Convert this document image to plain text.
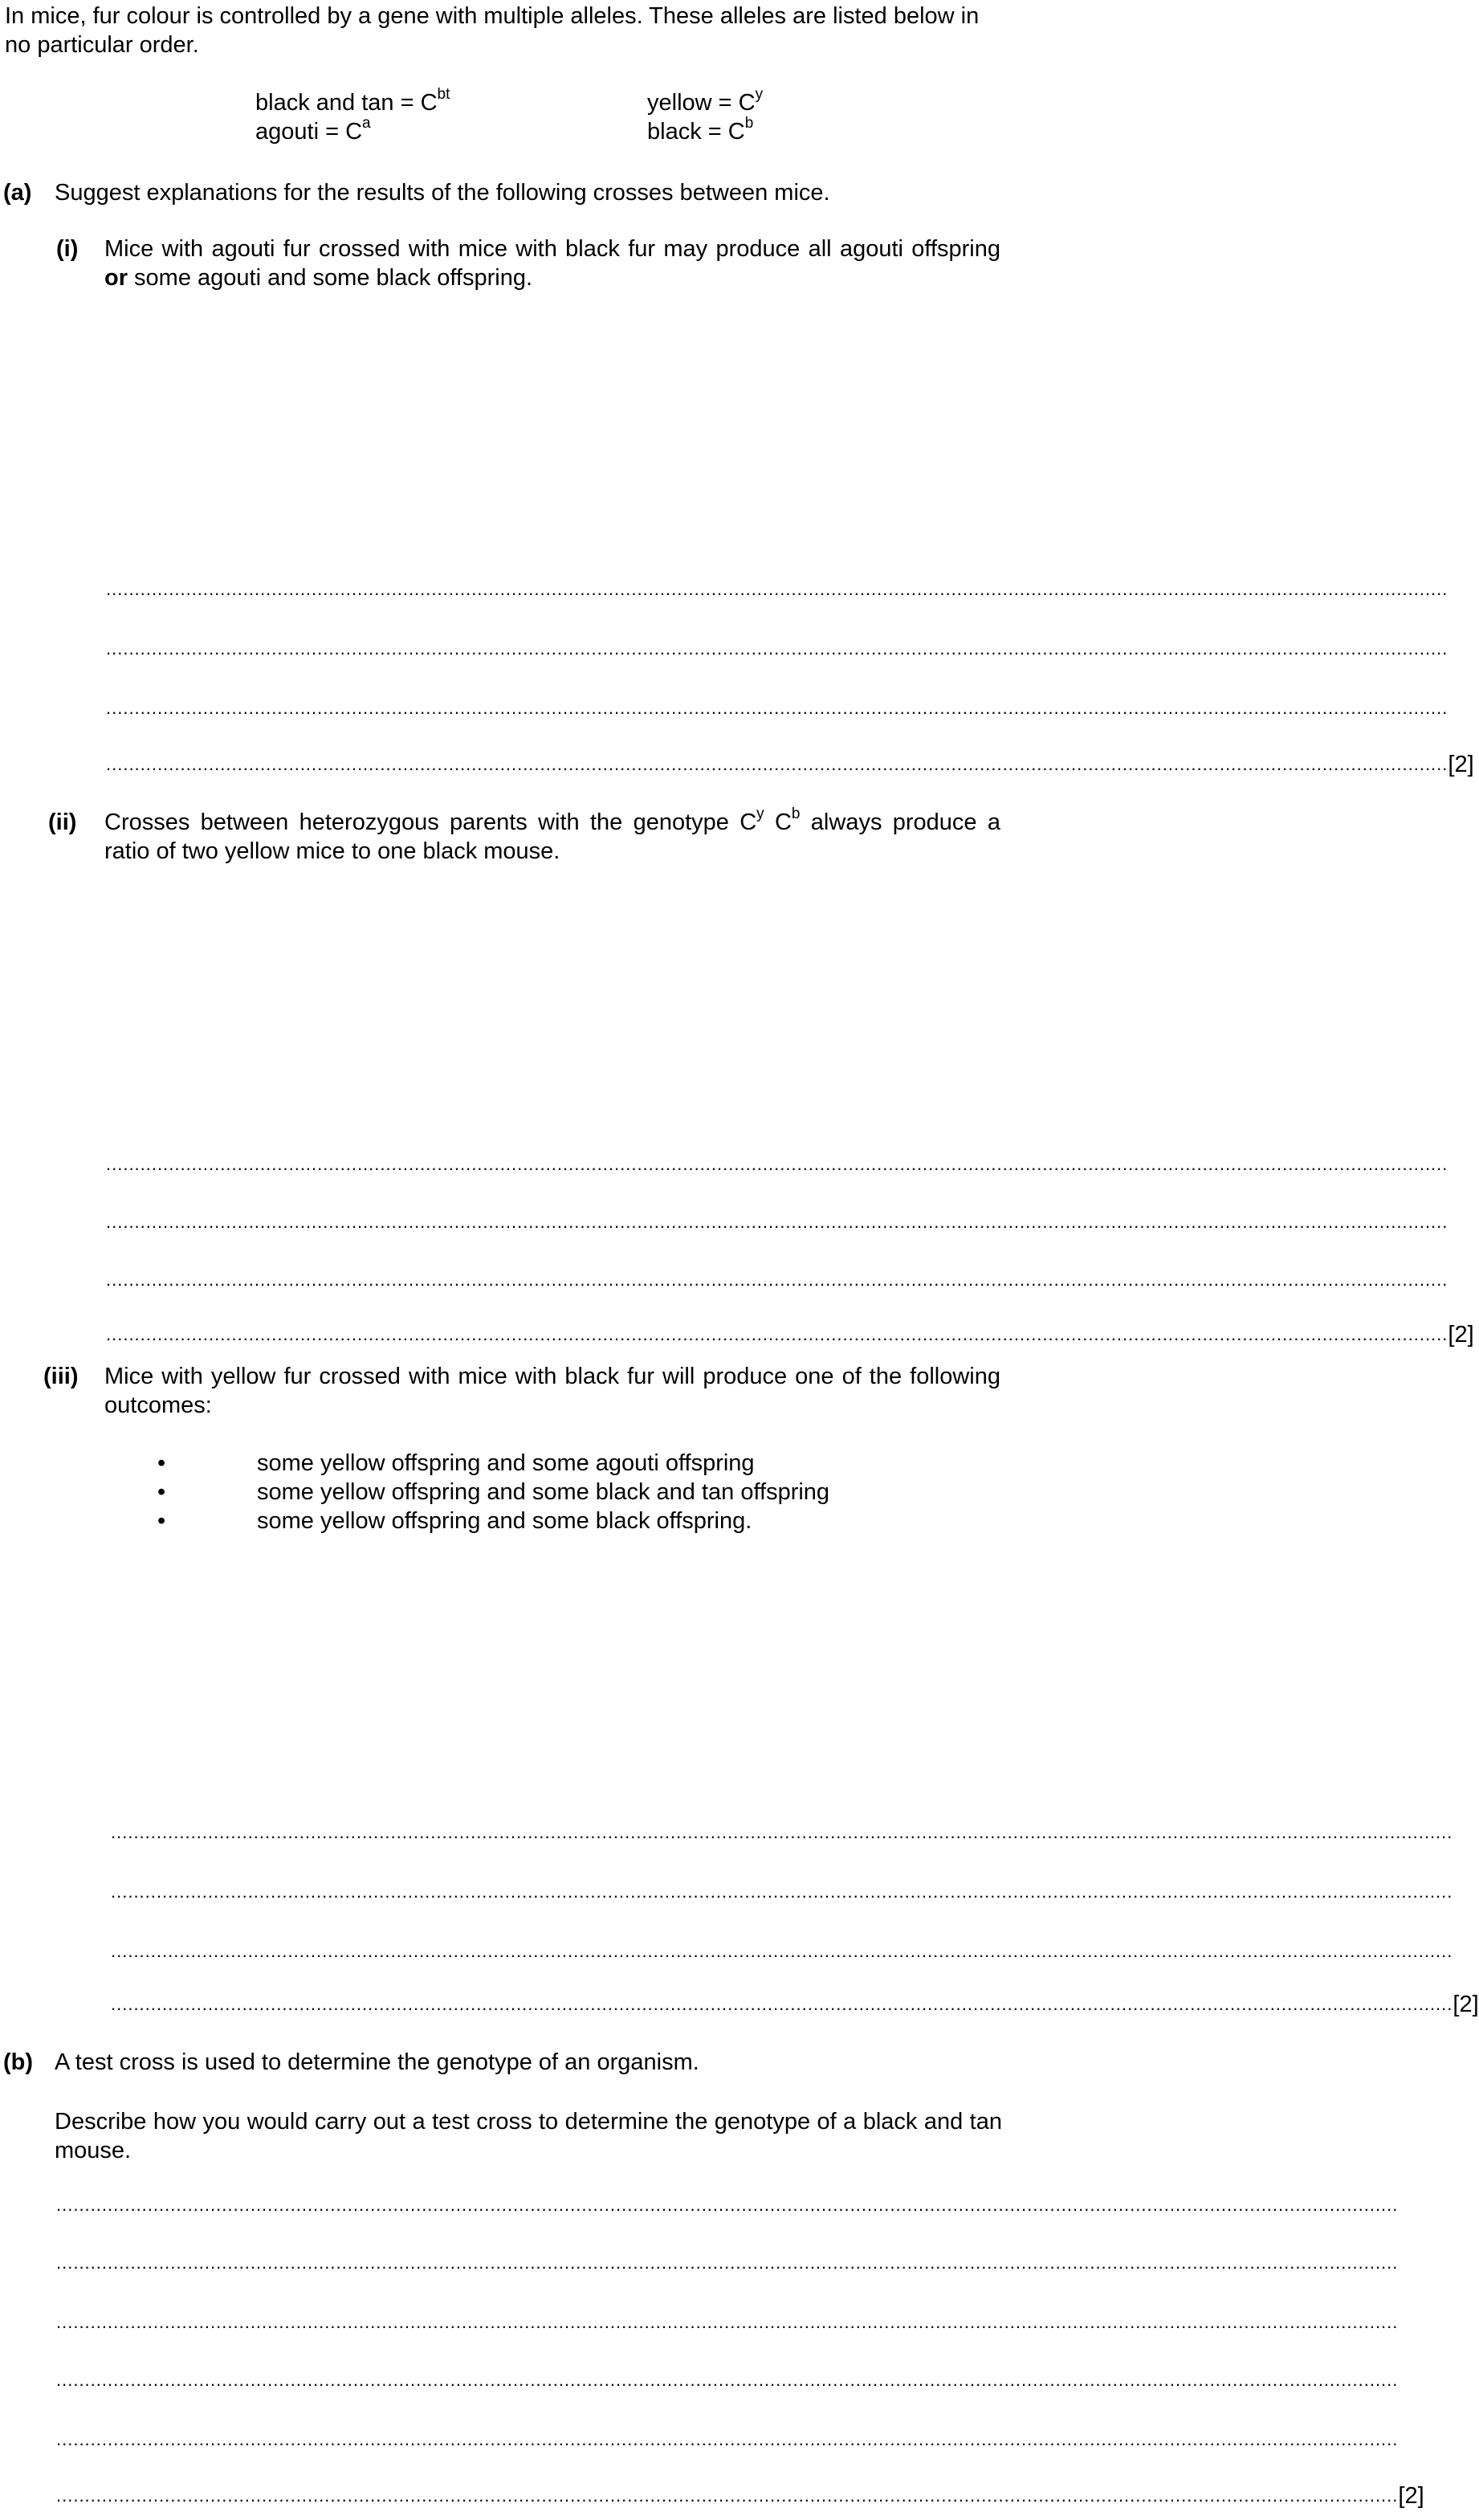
In mice, fur colour is controlled by a gene with multiple alleles. These alleles are listed below in no particular order.
black and $\tan = C^{bt}$
agouti = $C^a$
yellow = $C^y$
black = $C^b$
(a) Suggest explanations for the results of the following crosses between mice.
(i) Mice with agouti fur crossed with mice with black fur may produce all agouti offspring or some agouti and some black offspring.
...........................................................................................................................................................................................................................................
...........................................................................................................................................................................................................................................
...........................................................................................................................................................................................................................................
........................................................................................................................................................................................................................................... [2]
(ii) Crosses between heterozygous parents with the genotype $C^y$ $C^b$ always produce a ratio of two yellow mice to one black mouse.
...........................................................................................................................................................................................................................................
...........................................................................................................................................................................................................................................
...........................................................................................................................................................................................................................................
........................................................................................................................................................................................................................................... [2]
(iii) Mice with yellow fur crossed with mice with black fur will produce one of the following outcomes:
•	some yellow offspring and some agouti offspring
•	some yellow offspring and some black and tan offspring
•	some yellow offspring and some black offspring.
...........................................................................................................................................................................................................................................
...........................................................................................................................................................................................................................................
...........................................................................................................................................................................................................................................
........................................................................................................................................................................................................................................... [2]
(b) A test cross is used to determine the genotype of an organism.
Describe how you would carry out a test cross to determine the genotype of a black and tan mouse.
...........................................................................................................................................................................................................................................
...........................................................................................................................................................................................................................................
...........................................................................................................................................................................................................................................
...........................................................................................................................................................................................................................................
...........................................................................................................................................................................................................................................
........................................................................................................................................................................................................................................... [2]
